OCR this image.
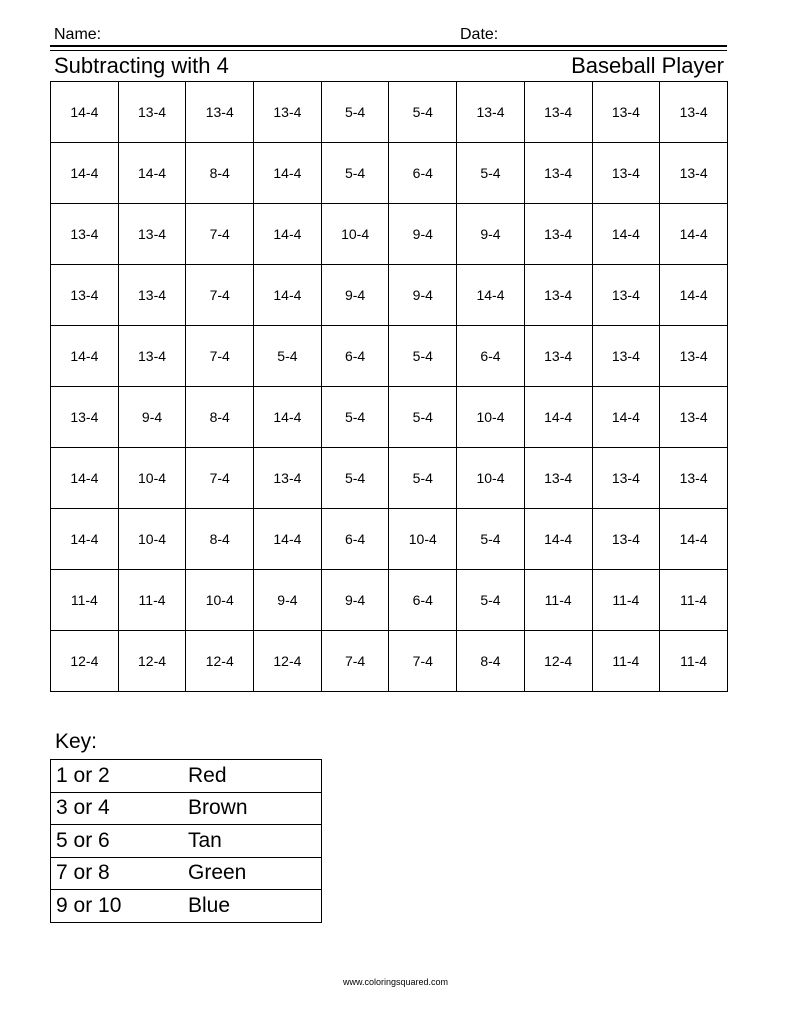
Name:	Date:
Subtracting with 4	Baseball Player
14-4	13-4	13-4	13-4	5-4	5-4	13-4	13-4	13-4	13-4
14-4	14-4	8-4	14-4	5-4	6-4	5-4	13-4	13-4	13-4
13-4	13-4	7-4	14-4	10-4	9-4	9-4	13-4	14-4	14-4
13-4	13-4	7-4	14-4	9-4	9-4	14-4	13-4	13-4	14-4
14-4	13-4	7-4	5-4	6-4	5-4	6-4	13-4	13-4	13-4
13-4	9-4	8-4	14-4	5-4	5-4	10-4	14-4	14-4	13-4
14-4	10-4	7-4	13-4	5-4	5-4	10-4	13-4	13-4	13-4
14-4	10-4	8-4	14-4	6-4	10-4	5-4	14-4	13-4	14-4
11-4	11-4	10-4	9-4	9-4	6-4	5-4	11-4	11-4	11-4
12-4	12-4	12-4	12-4	7-4	7-4	8-4	12-4	11-4	11-4
Key:
1 or 2	Red
3 or 4	Brown
5 or 6	Tan
7 or 8	Green
9 or 10	Blue
www.coloringsquared.com
